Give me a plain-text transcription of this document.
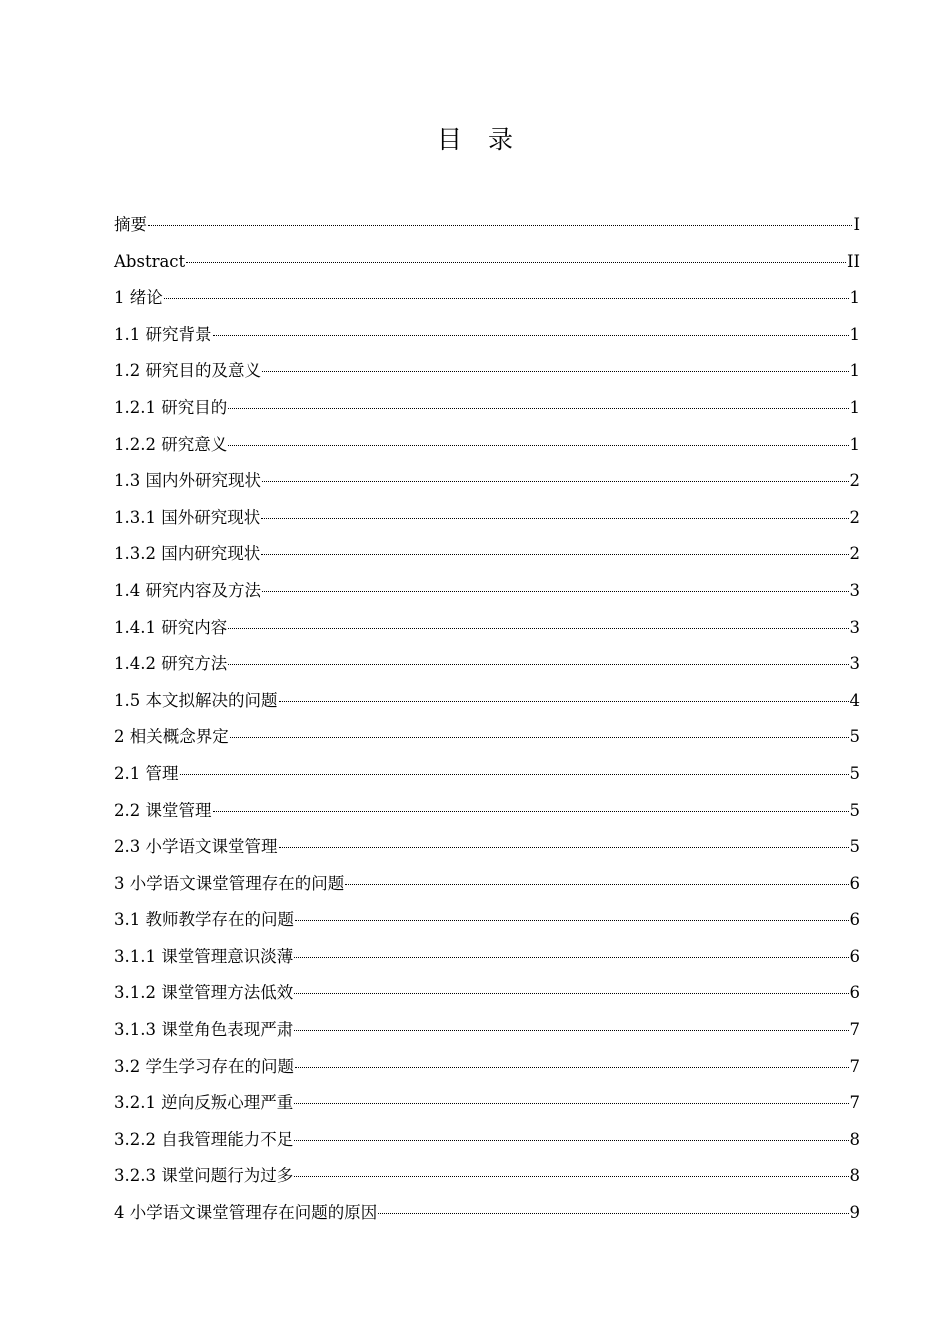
目录
摘要	I
Abstract	II
1 绪论	1
1.1 研究背景	1
1.2 研究目的及意义	1
1.2.1 研究目的	1
1.2.2 研究意义	1
1.3 国内外研究现状	2
1.3.1 国外研究现状	2
1.3.2 国内研究现状	2
1.4 研究内容及方法	3
1.4.1 研究内容	3
1.4.2 研究方法	3
1.5 本文拟解决的问题	4
2 相关概念界定	5
2.1 管理	5
2.2 课堂管理	5
2.3 小学语文课堂管理	5
3 小学语文课堂管理存在的问题	6
3.1 教师教学存在的问题	6
3.1.1 课堂管理意识淡薄	6
3.1.2 课堂管理方法低效	6
3.1.3 课堂角色表现严肃	7
3.2 学生学习存在的问题	7
3.2.1 逆向反叛心理严重	7
3.2.2 自我管理能力不足	8
3.2.3 课堂问题行为过多	8
4 小学语文课堂管理存在问题的原因	9
